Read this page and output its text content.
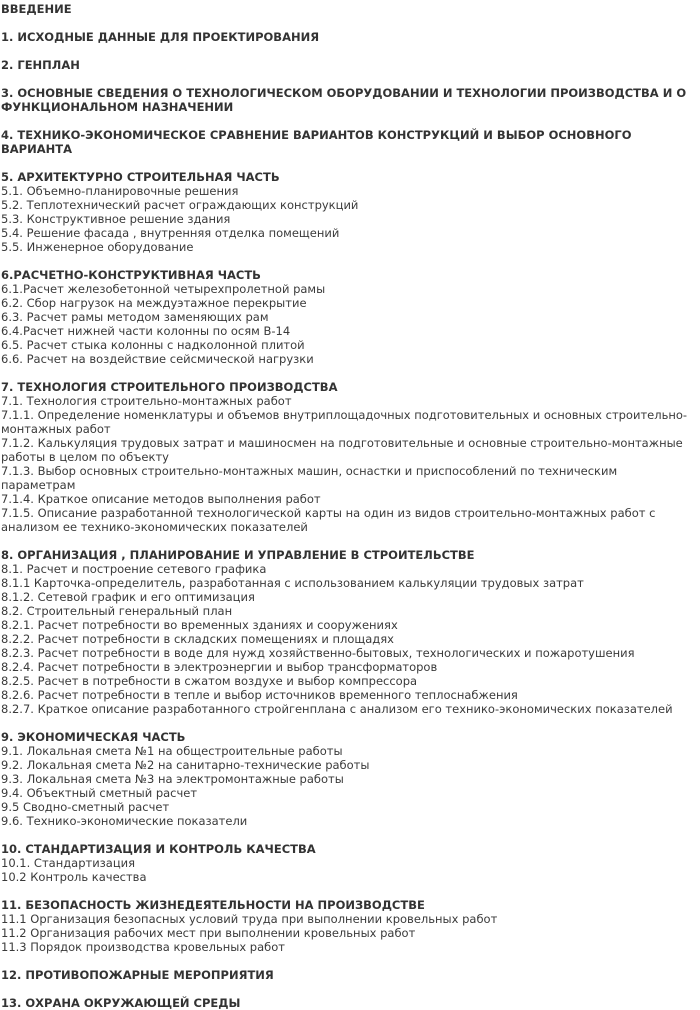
ВВЕДЕНИЕ
1. ИСХОДНЫЕ ДАННЫЕ ДЛЯ ПРОЕКТИРОВАНИЯ
2. ГЕНПЛАН
3. ОСНОВНЫЕ СВЕДЕНИЯ О ТЕХНОЛОГИЧЕСКОМ ОБОРУДОВАНИИ И ТЕХНОЛОГИИ ПРОИЗВОДСТВА И О ФУНКЦИОНАЛЬНОМ НАЗНАЧЕНИИ
4. ТЕХНИКО-ЭКОНОМИЧЕСКОЕ СРАВНЕНИЕ ВАРИАНТОВ КОНСТРУКЦИЙ И ВЫБОР ОСНОВНОГО ВАРИАНТА
5. АРХИТЕКТУРНО СТРОИТЕЛЬНАЯ ЧАСТЬ
5.1. Объемно-планировочные решения
5.2. Теплотехнический расчет ограждающих конструкций
5.3. Конструктивное решение здания
5.4. Решение фасада , внутренняя отделка помещений
5.5. Инженерное оборудование
6.РАСЧЕТНО-КОНСТРУКТИВНАЯ ЧАСТЬ
6.1.Расчет железобетонной четырехпролетной рамы
6.2. Сбор нагрузок на междуэтажное перекрытие
6.3. Расчет рамы методом заменяющих рам
6.4.Расчет нижней части колонны по осям В-14
6.5. Расчет стыка колонны с надколонной плитой
6.6. Расчет на воздействие сейсмической нагрузки
7. ТЕХНОЛОГИЯ СТРОИТЕЛЬНОГО ПРОИЗВОДСТВА
7.1. Технология строительно-монтажных работ
7.1.1. Определение номенклатуры и объемов внутриплощадочных подготовительных и основных строительно-монтажных работ
7.1.2. Калькуляция трудовых затрат и машиносмен на подготовительные и основные строительно-монтажные работы в целом по объекту
7.1.3. Выбор основных строительно-монтажных машин, оснастки и приспособлений по техническим параметрам
7.1.4. Краткое описание методов выполнения работ
7.1.5. Описание разработанной технологической карты на один из видов строительно-монтажных работ с анализом ее технико-экономических показателей
8. ОРГАНИЗАЦИЯ , ПЛАНИРОВАНИЕ И УПРАВЛЕНИЕ В СТРОИТЕЛЬСТВЕ
8.1. Расчет и построение сетевого графика
8.1.1 Карточка-определитель, разработанная с использованием калькуляции трудовых затрат
8.1.2. Сетевой график и его оптимизация
8.2. Строительный генеральный план
8.2.1. Расчет потребности во временных зданиях и сооружениях
8.2.2. Расчет потребности в складских помещениях и площадях
8.2.3. Расчет потребности в воде для нужд хозяйственно-бытовых, технологических и пожаротушения
8.2.4. Расчет потребности в электроэнергии и выбор трансформаторов
8.2.5. Расчет в потребности в сжатом воздухе и выбор компрессора
8.2.6. Расчет потребности в тепле и выбор источников временного теплоснабжения
8.2.7. Краткое описание разработанного стройгенплана с анализом его технико-экономических показателей
9. ЭКОНОМИЧЕСКАЯ ЧАСТЬ
9.1. Локальная смета №1 на общестроительные работы
9.2. Локальная смета №2 на санитарно-технические работы
9.3. Локальная смета №3 на электромонтажные работы
9.4. Объектный сметный расчет
9.5 Сводно-сметный расчет
9.6. Технико-экономические показатели
10. СТАНДАРТИЗАЦИЯ И КОНТРОЛЬ КАЧЕСТВА
10.1. Стандартизация
10.2 Контроль качества
11. БЕЗОПАСНОСТЬ ЖИЗНЕДЕЯТЕЛЬНОСТИ НА ПРОИЗВОДСТВЕ
11.1 Организация безопасных условий труда при выполнении кровельных работ
11.2 Организация рабочих мест при выполнении кровельных работ
11.3 Порядок производства кровельных работ
12. ПРОТИВОПОЖАРНЫЕ МЕРОПРИЯТИЯ
13. ОХРАНА ОКРУЖАЮЩЕЙ СРЕДЫ
